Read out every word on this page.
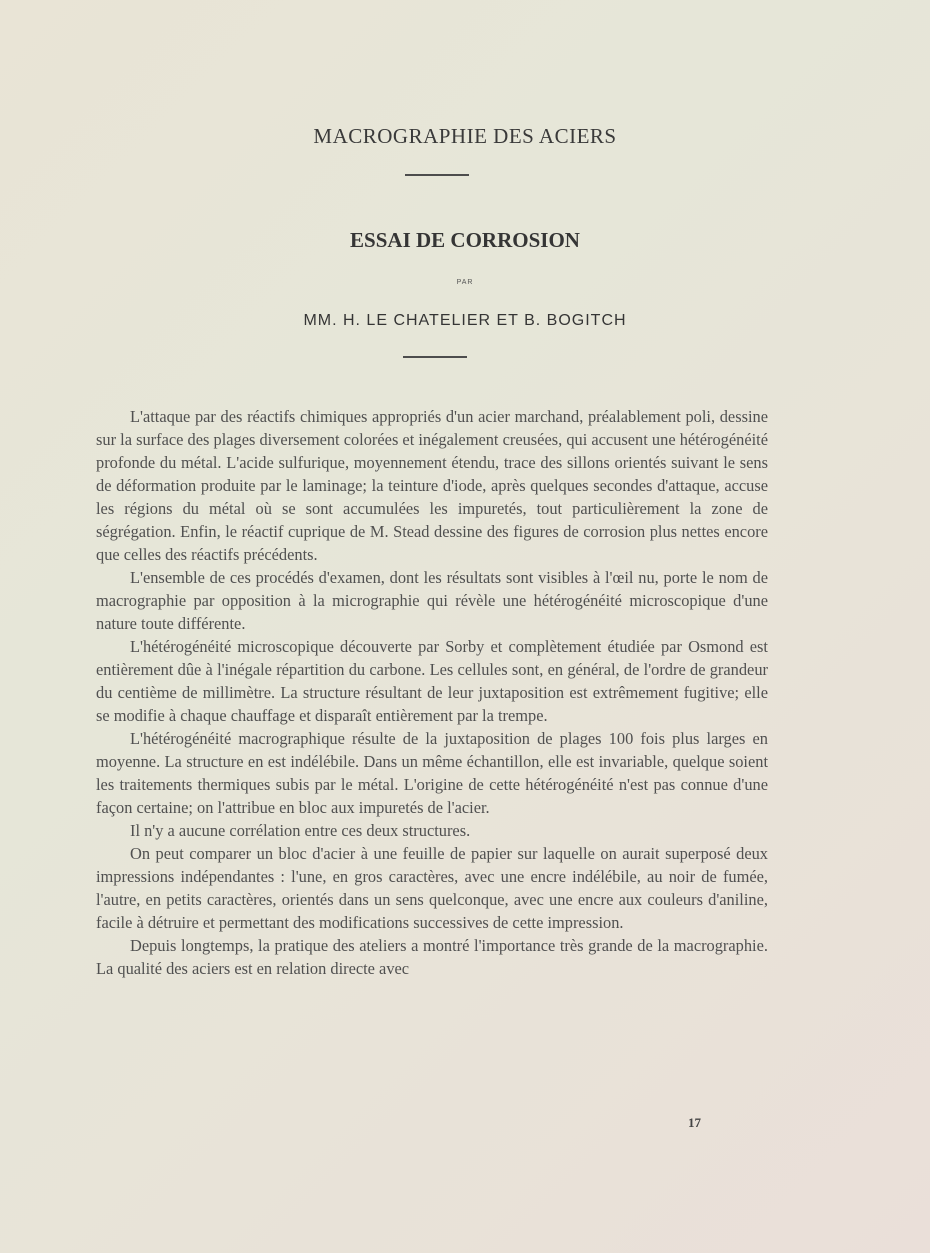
MACROGRAPHIE DES ACIERS
ESSAI DE CORROSION
PAR
MM. H. LE CHATELIER ET B. BOGITCH

L'attaque par des réactifs chimiques appropriés d'un acier marchand, préalablement poli, dessine sur la surface des plages diversement colorées et inégalement creusées, qui accusent une hétérogénéité profonde du métal. L'acide sulfurique, moyennement étendu, trace des sillons orientés suivant le sens de déformation produite par le laminage; la teinture d'iode, après quelques secondes d'attaque, accuse les régions du métal où se sont accumulées les impuretés, tout particulièrement la zone de ségrégation. Enfin, le réactif cuprique de M. Stead dessine des figures de corrosion plus nettes encore que celles des réactifs précédents.

L'ensemble de ces procédés d'examen, dont les résultats sont visibles à l'œil nu, porte le nom de macrographie par opposition à la micrographie qui révèle une hétérogénéité microscopique d'une nature toute différente.

L'hétérogénéité microscopique découverte par Sorby et complètement étudiée par Osmond est entièrement dûe à l'inégale répartition du carbone. Les cellules sont, en général, de l'ordre de grandeur du centième de millimètre. La structure résultant de leur juxtaposition est extrêmement fugitive; elle se modifie à chaque chauffage et disparaît entièrement par la trempe.

L'hétérogénéité macrographique résulte de la juxtaposition de plages 100 fois plus larges en moyenne. La structure en est indélébile. Dans un même échantillon, elle est invariable, quelque soient les traitements thermiques subis par le métal. L'origine de cette hétérogénéité n'est pas connue d'une façon certaine; on l'attribue en bloc aux impuretés de l'acier.

Il n'y a aucune corrélation entre ces deux structures.

On peut comparer un bloc d'acier à une feuille de papier sur laquelle on aurait superposé deux impressions indépendantes : l'une, en gros caractères, avec une encre indélébile, au noir de fumée, l'autre, en petits caractères, orientés dans un sens quelconque, avec une encre aux couleurs d'aniline, facile à détruire et permettant des modifications successives de cette impression.

Depuis longtemps, la pratique des ateliers a montré l'importance très grande de la macrographie. La qualité des aciers est en relation directe avec

17
